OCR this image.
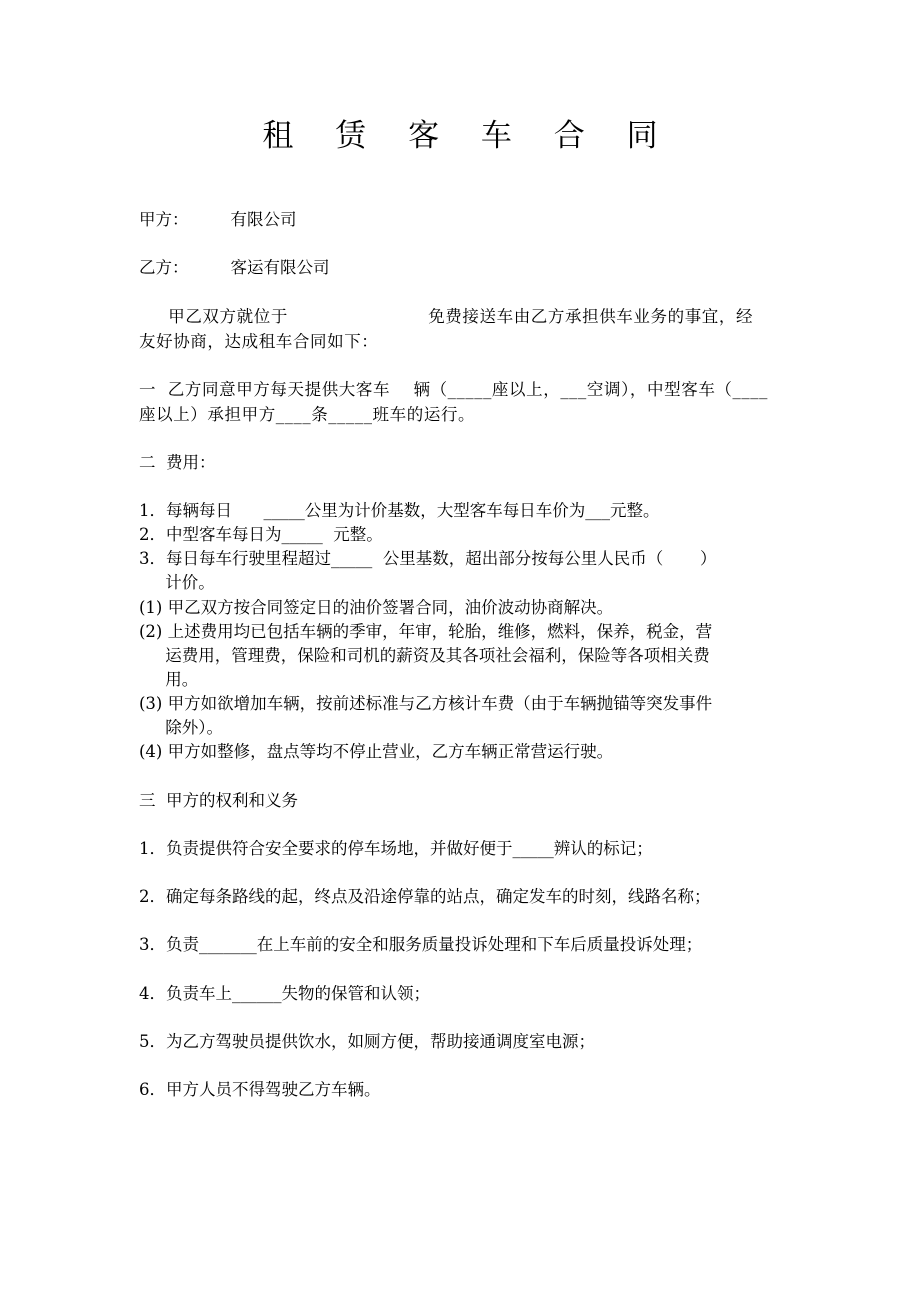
租 赁 客 车 合 同
甲方：        有限公司
乙方：        客运有限公司
甲乙双方就位于                        免费接送车由乙方承担供车业务的事宜，经
友好协商，达成租车合同如下：
一  乙方同意甲方每天提供大客车    辆（_____座以上，___空调），中型客车（____
座以上）承担甲方____条_____班车的运行。
二  费用：
1．每辆每日      _____公里为计价基数，大型客车每日车价为___元整。
2．中型客车每日为_____  元整。
3．每日每车行驶里程超过_____  公里基数，超出部分按每公里人民币（       ）
计价。
(1) 甲乙双方按合同签定日的油价签署合同，油价波动协商解决。
(2) 上述费用均已包括车辆的季审，年审，轮胎，维修，燃料，保养，税金，营
运费用，管理费，保险和司机的薪资及其各项社会福利，保险等各项相关费
用。
(3) 甲方如欲增加车辆，按前述标准与乙方核计车费（由于车辆抛锚等突发事件
除外）。
(4) 甲方如整修，盘点等均不停止营业，乙方车辆正常营运行驶。
三  甲方的权利和义务
1．负责提供符合安全要求的停车场地，并做好便于_____辨认的标记；
2．确定每条路线的起，终点及沿途停靠的站点，确定发车的时刻，线路名称；
3．负责_______在上车前的安全和服务质量投诉处理和下车后质量投诉处理；
4．负责车上______失物的保管和认领；
5．为乙方驾驶员提供饮水，如厕方便，帮助接通调度室电源；
6．甲方人员不得驾驶乙方车辆。
